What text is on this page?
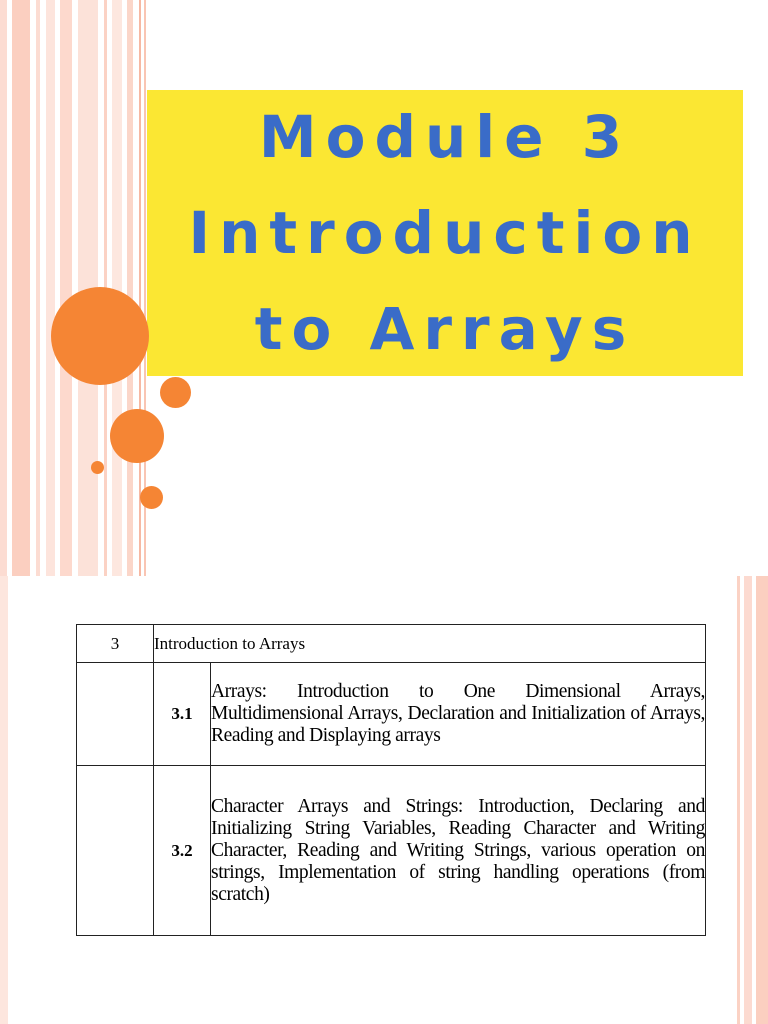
Module 3
Introduction
to Arrays
3	Introduction to Arrays	
	3.1	Arrays: Introduction to One Dimensional Arrays, Multidimensional Arrays, Declaration and Initialization of Arrays, Reading and Displaying arrays
	3.2	Character Arrays and Strings: Introduction, Declaring and Initializing String Variables, Reading Character and Writing Character, Reading and Writing Strings, various operation on strings, Implementation of string handling operations (from scratch)
